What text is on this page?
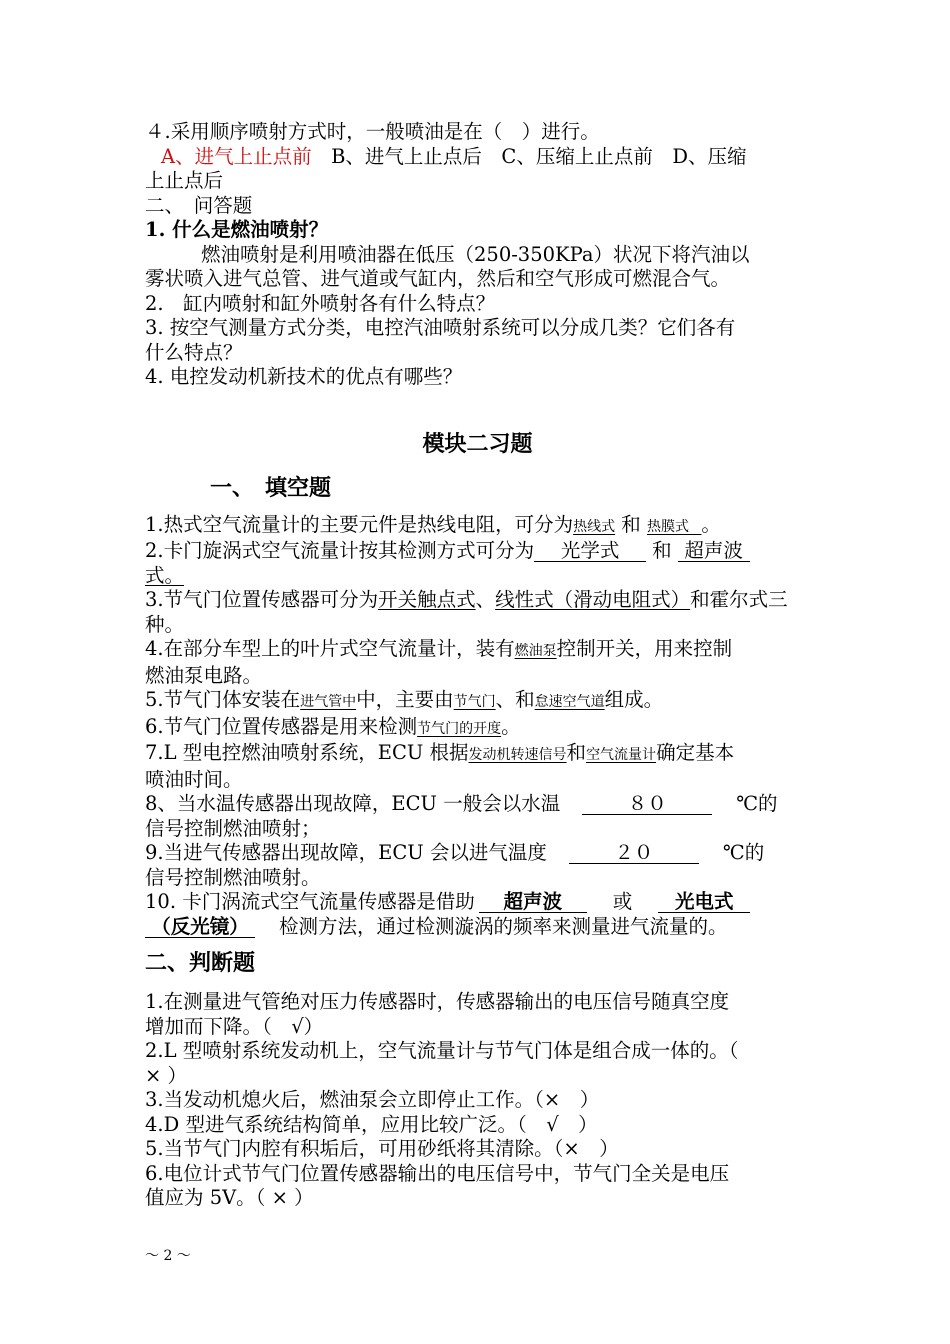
４.采用顺序喷射方式时，一般喷油是在（　）进行。
A、进气上止点前　B、进气上止点后　C、压缩上止点前　D、压缩
上止点后
二、　问答题
1. 什么是燃油喷射？
燃油喷射是利用喷油器在低压（250-350KPa）状况下将汽油以
雾状喷入进气总管、进气道或气缸内，然后和空气形成可燃混合气。
2.　缸内喷射和缸外喷射各有什么特点？
3. 按空气测量方式分类，电控汽油喷射系统可以分成几类？它们各有
什么特点？
4. 电控发动机新技术的优点有哪些？
模块二习题
一、　填空题
1.热式空气流量计的主要元件是热线电阻，可分为热线式 和 热膜式 。
2.卡门旋涡式空气流量计按其检测方式可分为 光学式 和 超声波
式。
3.节气门位置传感器可分为开关触点式、线性式（滑动电阻式）和霍尔式三
种。
4.在部分车型上的叶片式空气流量计，装有燃油泵控制开关，用来控制
燃油泵电路。
5.节气门体安装在进气管中中，主要由节气门、和怠速空气道组成。
6.节气门位置传感器是用来检测节气门的开度。
7.L 型电控燃油喷射系统，ECU 根据发动机转速信号和空气流量计确定基本
喷油时间。
8、当水温传感器出现故障，ECU 一般会以水温	８０	℃的
信号控制燃油喷射；
9.当进气传感器出现故障，ECU 会以进气温度	２０	℃的
信号控制燃油喷射。
10. 卡门涡流式空气流量传感器是借助 超声波	或 光电式
（反光镜） 检测方法，通过检测漩涡的频率来测量进气流量的。
二、判断题
1.在测量进气管绝对压力传感器时，传感器输出的电压信号随真空度
增加而下降。（　√）
2.L 型喷射系统发动机上，空气流量计与节气门体是组合成一体的。（
× ）
3.当发动机熄火后，燃油泵会立即停止工作。（×　）
4.D 型进气系统结构简单，应用比较广泛。（　√　）
5.当节气门内腔有积垢后，可用砂纸将其清除。（×　）
6.电位计式节气门位置传感器输出的电压信号中，节气门全关是电压
值应为 5V。（ × ）
～ 2 ～
